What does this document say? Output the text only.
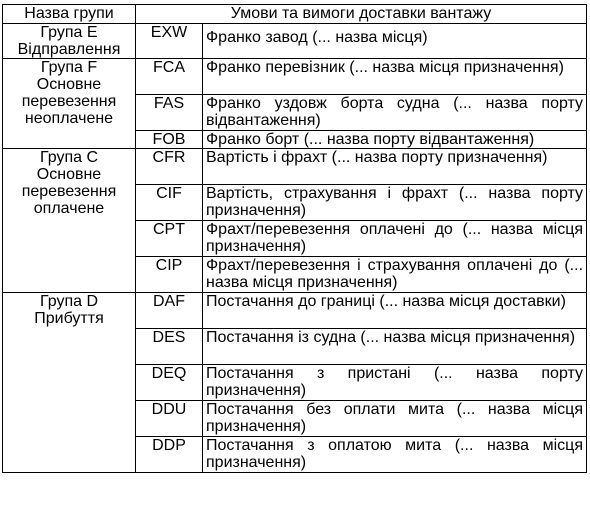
Назва групи	Умови та вимоги доставки вантажу	

Група E
Відправлення	EXW	Франко завод (... назва місця)

Група F
Основне
перевезення
неоплачене	FCA	Франко перевізник (... назва місця призначення)
	FAS	Франко уздовж борта судна (... назва порту відвантаження)
	FOB	Франко борт (... назва порту відвантаження)

Група C
Основне
перевезення
оплачене	CFR	Вартість і фрахт (... назва порту призначення)
	CIF	Вартість, страхування і фрахт (... назва порту призначення)
	CPT	Фрахт/перевезення оплачені до (... назва місця призначення)
	CIP	Фрахт/перевезення і страхування оплачені до (... назва місця призначення)

Група D
Прибуття	DAF	Постачання до границі (... назва місця доставки)
	DES	Постачання із судна (... назва місця призначення)
	DEQ	Постачання з пристані (... назва порту призначення)
	DDU	Постачання без оплати мита (... назва місця призначення)
	DDP	Постачання з оплатою мита (... назва місця призначення)
